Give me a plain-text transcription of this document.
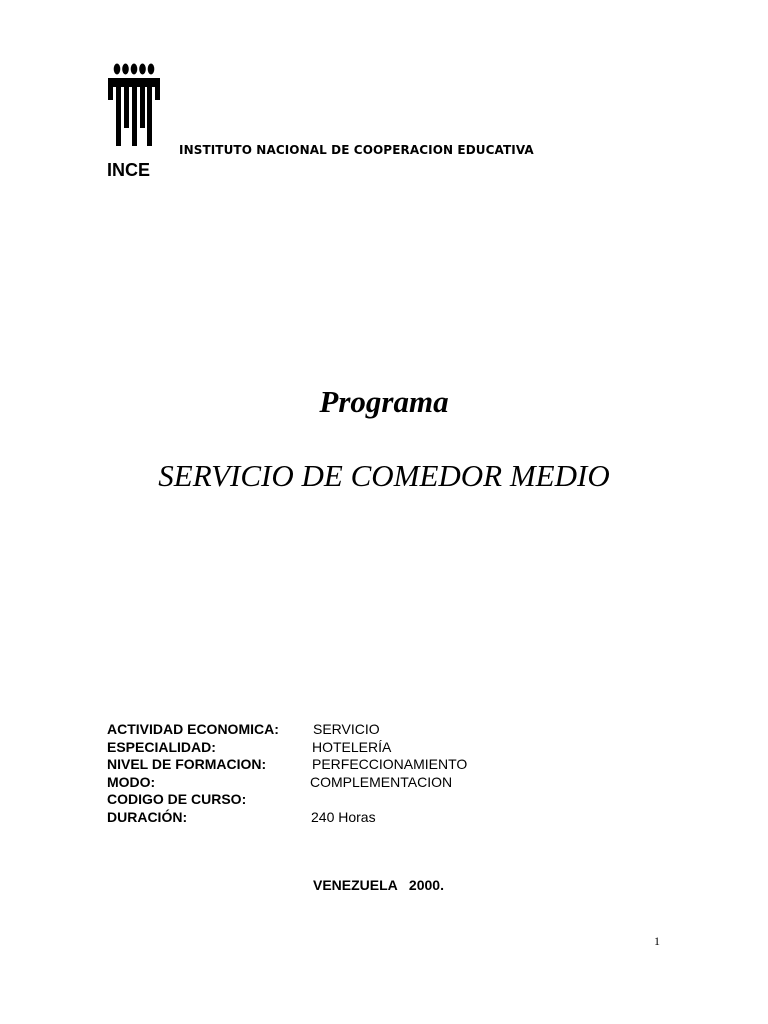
INCE
INSTITUTO NACIONAL DE COOPERACION EDUCATIVA
Programa
SERVICIO DE COMEDOR MEDIO
ACTIVIDAD ECONOMICA: SERVICIO
ESPECIALIDAD:	HOTELERÍA
NIVEL DE FORMACION:	PERFECCIONAMIENTO
MODO:	COMPLEMENTACION
CODIGO DE CURSO:
DURACIÓN:	240 Horas
VENEZUELA   2000.
1
